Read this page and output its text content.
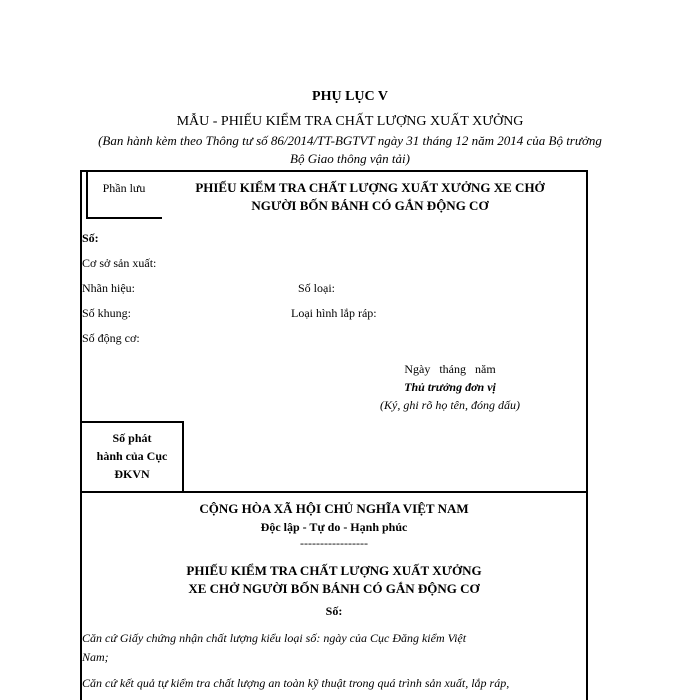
PHỤ LỤC V
MẪU - PHIẾU KIỂM TRA CHẤT LƯỢNG XUẤT XƯỞNG
(Ban hành kèm theo Thông tư số 86/2014/TT-BGTVT ngày 31 tháng 12 năm 2014 của Bộ trưởng
Bộ Giao thông vận tải)
Phần lưu	PHIẾU KIỂM TRA CHẤT LƯỢNG XUẤT XƯỞNG XE CHỞ
NGƯỜI BỐN BÁNH CÓ GẮN ĐỘNG CƠ
Số:
Cơ sở sản xuất:
Nhãn hiệu:	Số loại:
Số khung:	Loại hình lắp ráp:
Số động cơ:
Ngày tháng năm
Thủ trưởng đơn vị
(Ký, ghi rõ họ tên, đóng dấu)
Số phát
hành của Cục
ĐKVN
CỘNG HÒA XÃ HỘI CHỦ NGHĨA VIỆT NAM
Độc lập - Tự do - Hạnh phúc
-----------------
PHIẾU KIỂM TRA CHẤT LƯỢNG XUẤT XƯỞNG
XE CHỞ NGƯỜI BỐN BÁNH CÓ GẮN ĐỘNG CƠ
Số:
Căn cứ Giấy chứng nhận chất lượng kiểu loại số: ngày của Cục Đăng kiểm Việt
Nam;
Căn cứ kết quả tự kiểm tra chất lượng an toàn kỹ thuật trong quá trình sản xuất, lắp ráp,
